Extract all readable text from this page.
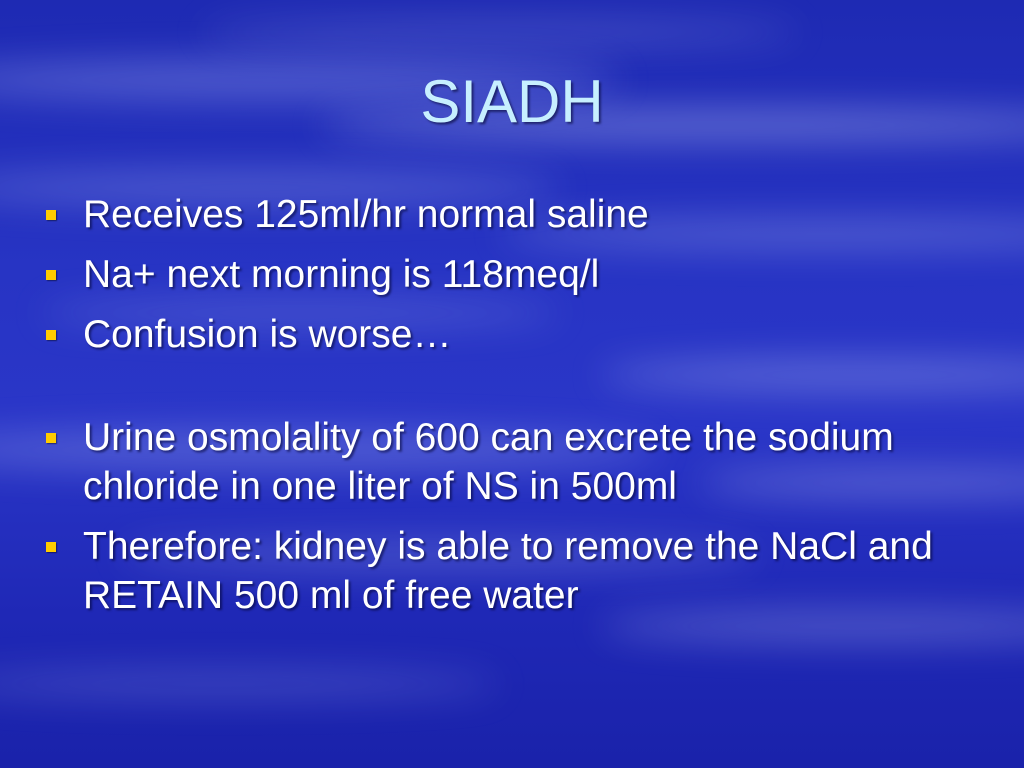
SIADH
Receives 125ml/hr normal saline
Na+ next morning is 118meq/l
Confusion is worse…
Urine osmolality of 600 can excrete the sodium chloride in one liter of NS in 500ml
Therefore: kidney is able to remove the NaCl and RETAIN 500 ml of free water
